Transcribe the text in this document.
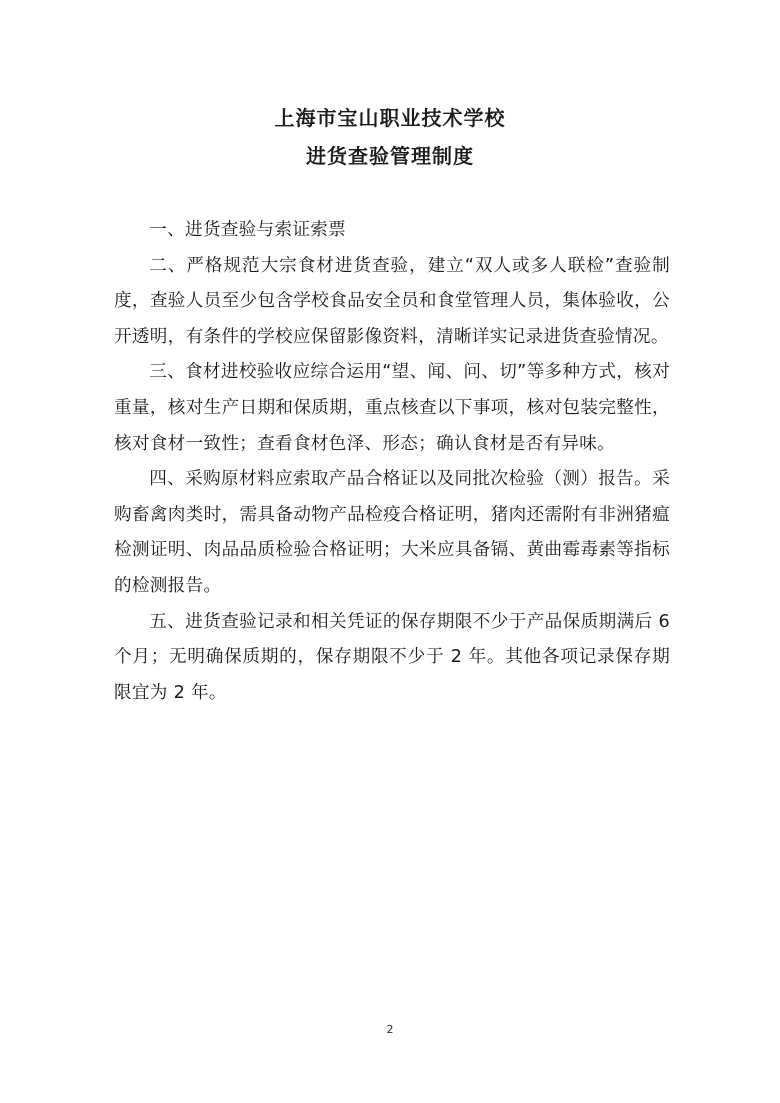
上海市宝山职业技术学校
进货查验管理制度

一、进货查验与索证索票

二、严格规范大宗食材进货查验，建立“双人或多人联检”查验制度，查验人员至少包含学校食品安全员和食堂管理人员，集体验收，公开透明，有条件的学校应保留影像资料，清晰详实记录进货查验情况。

三、食材进校验收应综合运用“望、闻、问、切”等多种方式，核对重量，核对生产日期和保质期，重点核查以下事项，核对包装完整性，核对食材一致性；查看食材色泽、形态；确认食材是否有异味。

四、采购原材料应索取产品合格证以及同批次检验（测）报告。采购畜禽肉类时，需具备动物产品检疫合格证明，猪肉还需附有非洲猪瘟检测证明、肉品品质检验合格证明；大米应具备镉、黄曲霉毒素等指标的检测报告。

五、进货查验记录和相关凭证的保存期限不少于产品保质期满后 6 个月；无明确保质期的，保存期限不少于 2 年。其他各项记录保存期限宜为 2 年。

2
